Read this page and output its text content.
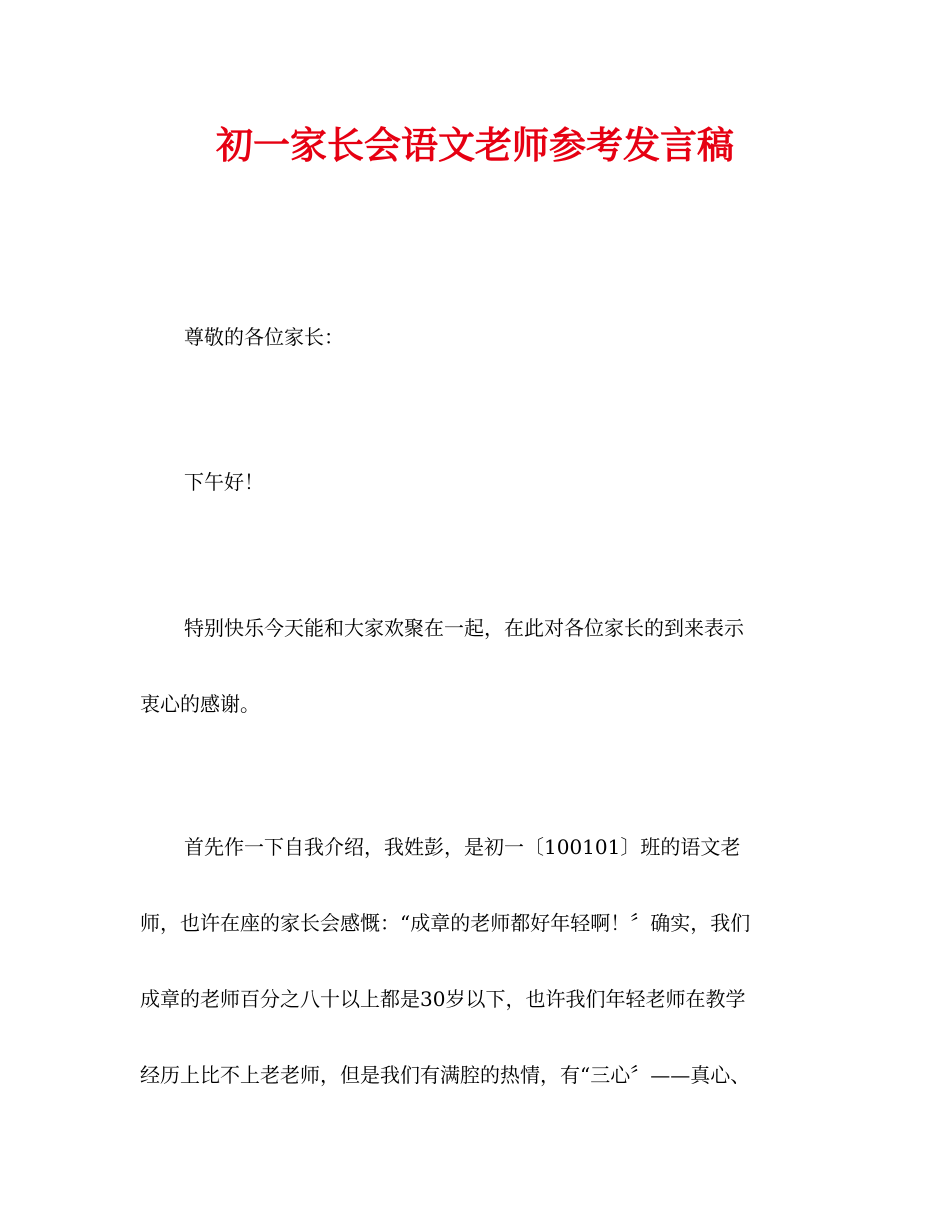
初一家长会语文老师参考发言稿
尊敬的各位家长：
下午好！
特别快乐今天能和大家欢聚在一起，在此对各位家长的到来表示
衷心的感谢。
首先作一下自我介绍，我姓彭，是初一〔100101〕班的语文老
师，也许在座的家长会感慨：“成章的老师都好年轻啊！〞确实，我们
成章的老师百分之八十以上都是30岁以下，也许我们年轻老师在教学
经历上比不上老老师，但是我们有满腔的热情，有“三心〞——真心、
